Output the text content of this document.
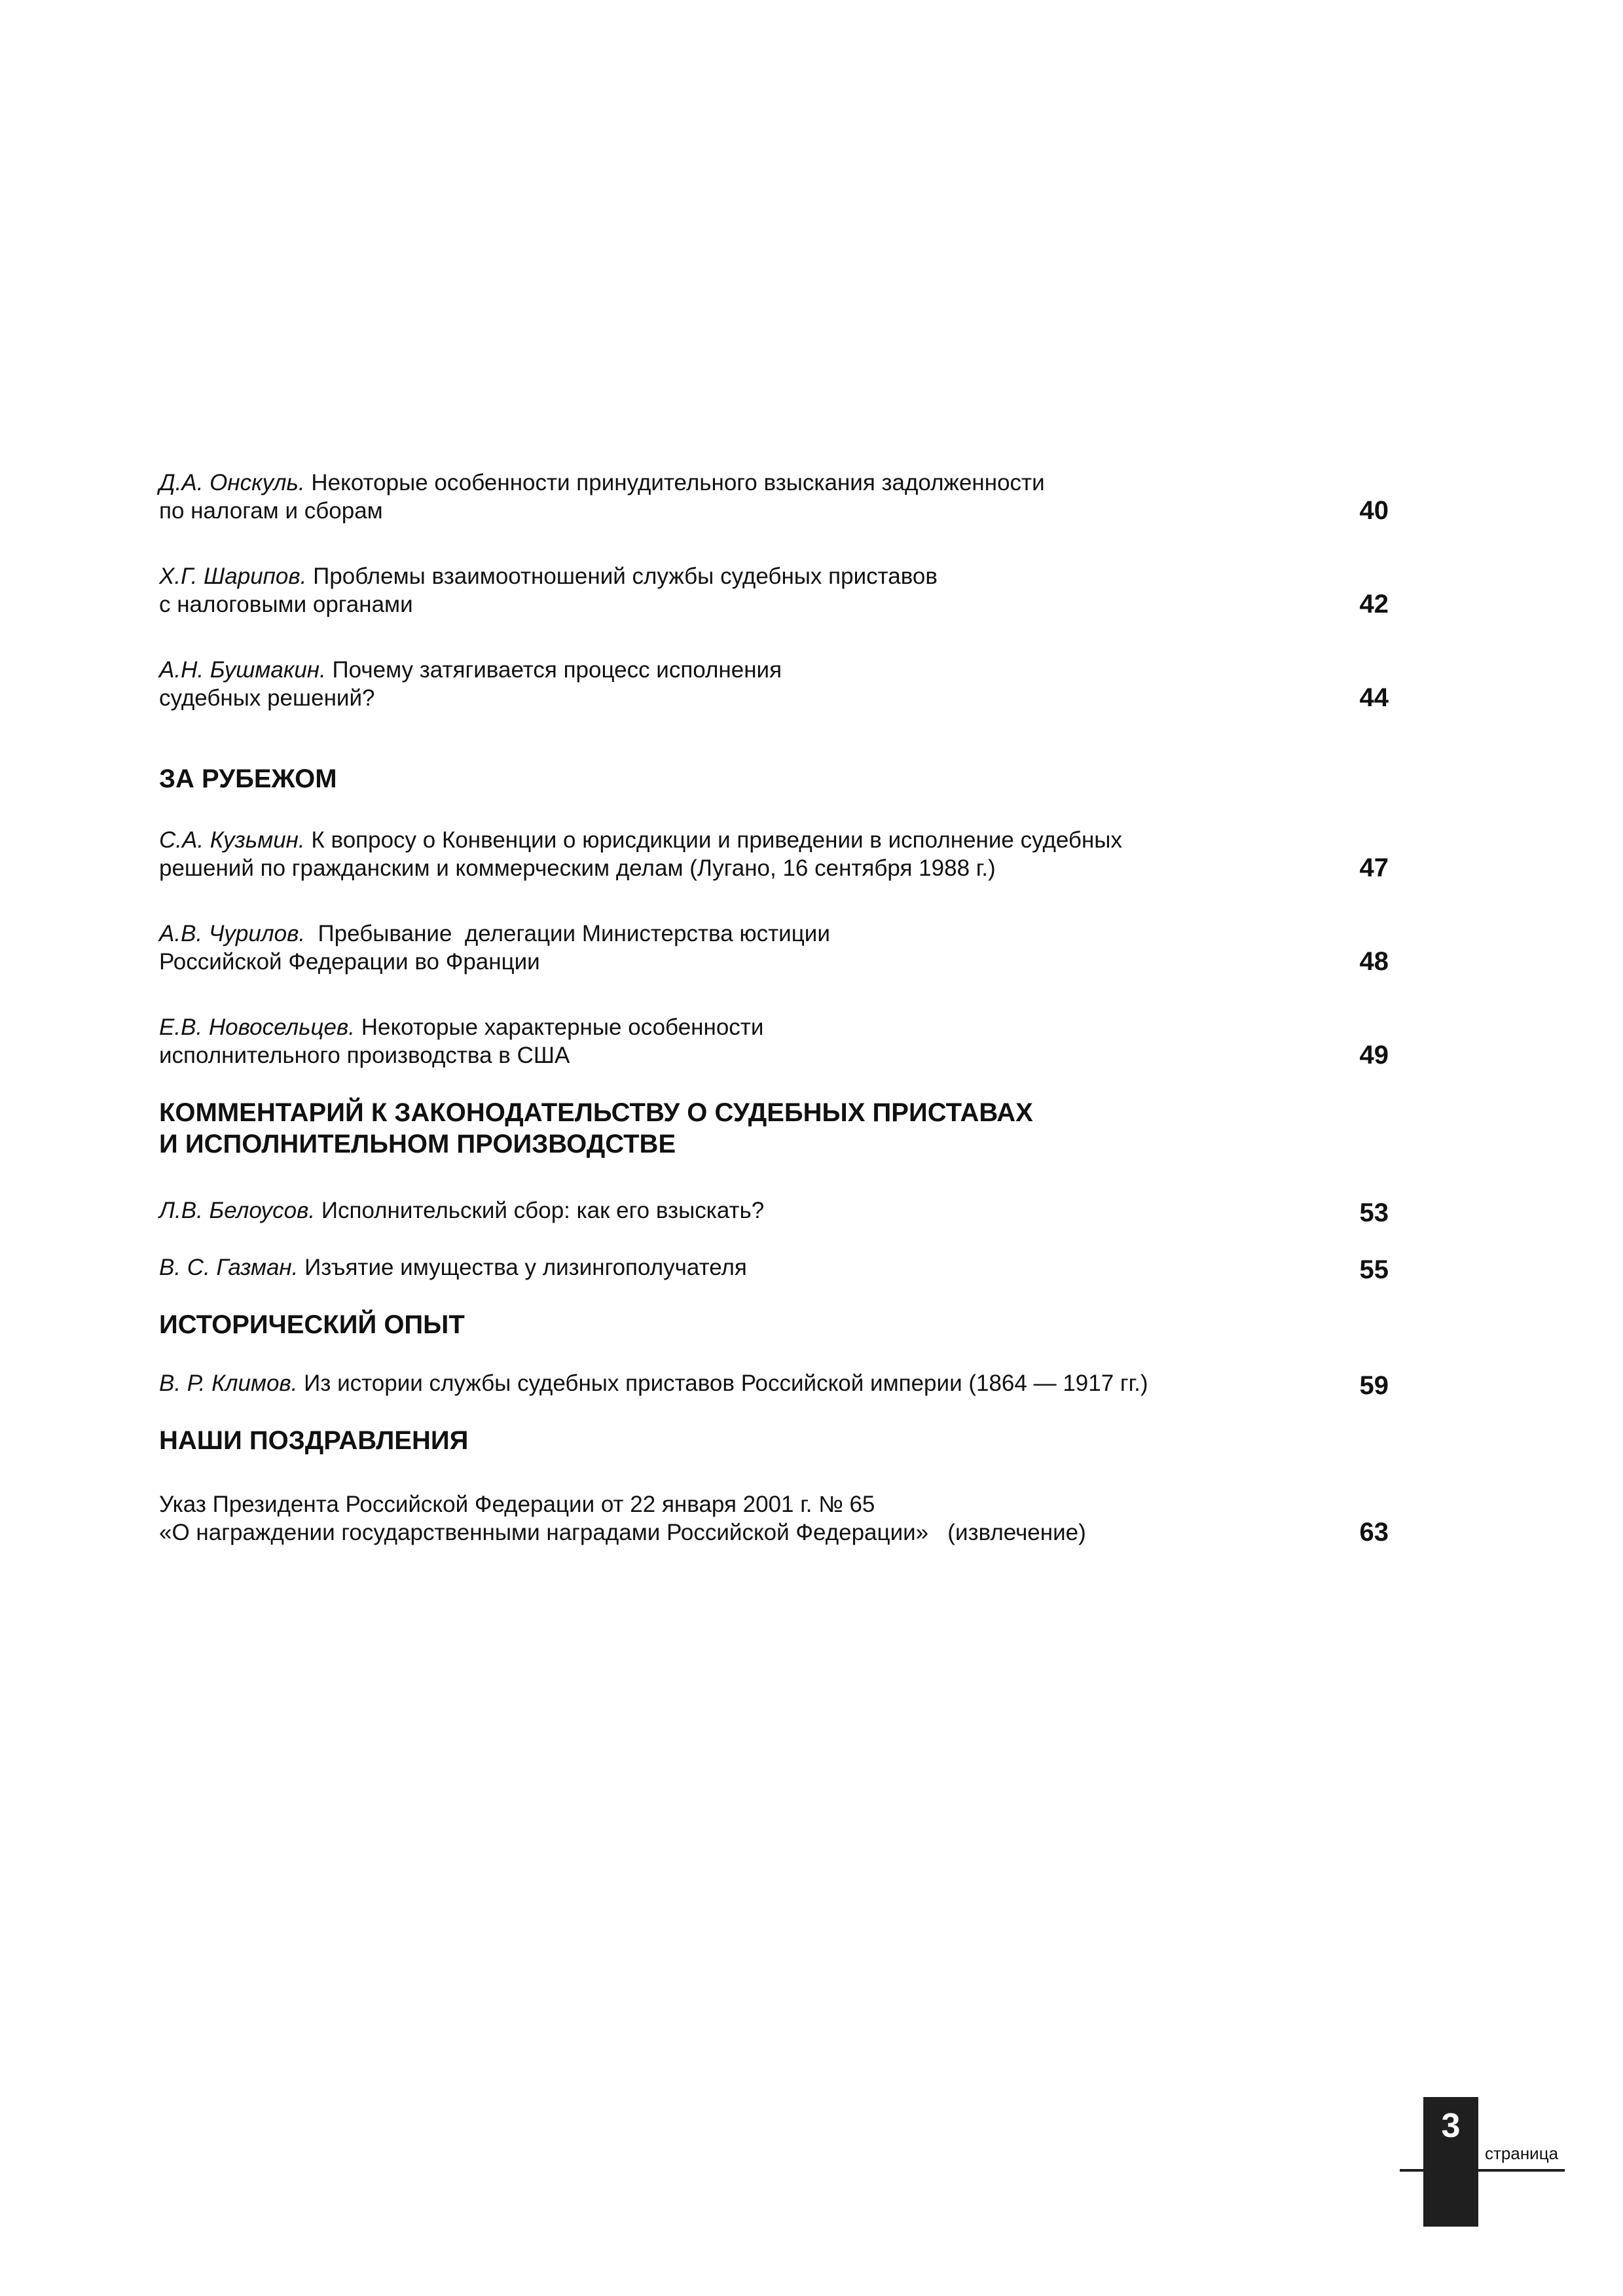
Д.А. Онскуль. Некоторые особенности принудительного взыскания задолженности
по налогам и сборам	40
Х.Г. Шарипов. Проблемы взаимоотношений службы судебных приставов
с налоговыми органами	42
А.Н. Бушмакин. Почему затягивается процесс исполнения
судебных решений?	44
ЗА РУБЕЖОМ
С.А. Кузьмин. К вопросу о Конвенции о юрисдикции и приведении в исполнение судебных
решений по гражданским и коммерческим делам (Лугано, 16 сентября 1988 г.)	47
А.В. Чурилов.  Пребывание  делегации Министерства юстиции
Российской Федерации во Франции	48
Е.В. Новосельцев. Некоторые характерные особенности
исполнительного производства в США	49
КОММЕНТАРИЙ К ЗАКОНОДАТЕЛЬСТВУ О СУДЕБНЫХ ПРИСТАВАХ
И ИСПОЛНИТЕЛЬНОМ ПРОИЗВОДСТВЕ
Л.В. Белоусов. Исполнительский сбор: как его взыскать?	53
В. С. Газман. Изъятие имущества у лизингополучателя	55
ИСТОРИЧЕСКИЙ ОПЫТ
В. Р. Климов. Из истории службы судебных приставов Российской империи (1864 — 1917 гг.)	59
НАШИ ПОЗДРАВЛЕНИЯ
Указ Президента Российской Федерации от 22 января 2001 г. № 65
«О награждении государственными наградами Российской Федерации»   (извлечение)	63
3
страница
